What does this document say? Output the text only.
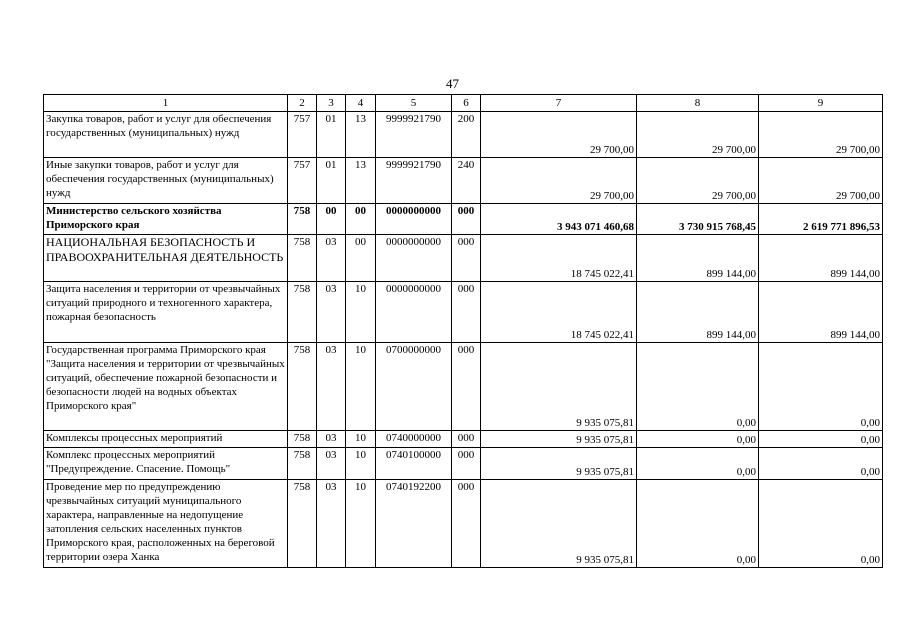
47
1	2	3	4	5	6	7	8	9
Закупка товаров, работ и услуг для обеспечения государственных (муниципальных) нужд	757	01	13	9999921790	200	29 700,00	29 700,00	29 700,00
Иные закупки товаров, работ и услуг для обеспечения государственных (муниципальных) нужд	757	01	13	9999921790	240	29 700,00	29 700,00	29 700,00
Министерство сельского хозяйства Приморского края	758	00	00	0000000000	000	3 943 071 460,68	3 730 915 768,45	2 619 771 896,53
НАЦИОНАЛЬНАЯ БЕЗОПАСНОСТЬ И ПРАВООХРАНИТЕЛЬНАЯ ДЕЯТЕЛЬНОСТЬ	758	03	00	0000000000	000	18 745 022,41	899 144,00	899 144,00
Защита населения и территории от чрезвычайных ситуаций природного и техногенного характера, пожарная безопасность	758	03	10	0000000000	000	18 745 022,41	899 144,00	899 144,00
Государственная программа Приморского края "Защита населения и территории от чрезвычайных ситуаций, обеспечение пожарной безопасности и безопасности людей на водных объектах Приморского края"	758	03	10	0700000000	000	9 935 075,81	0,00	0,00
Комплексы процессных мероприятий	758	03	10	0740000000	000	9 935 075,81	0,00	0,00
Комплекс процессных мероприятий "Предупреждение. Спасение. Помощь"	758	03	10	0740100000	000	9 935 075,81	0,00	0,00
Проведение мер по предупреждению чрезвычайных ситуаций муниципального характера, направленные на недопущение затопления сельских населенных пунктов Приморского края, расположенных на береговой территории озера Ханка	758	03	10	0740192200	000	9 935 075,81	0,00	0,00
